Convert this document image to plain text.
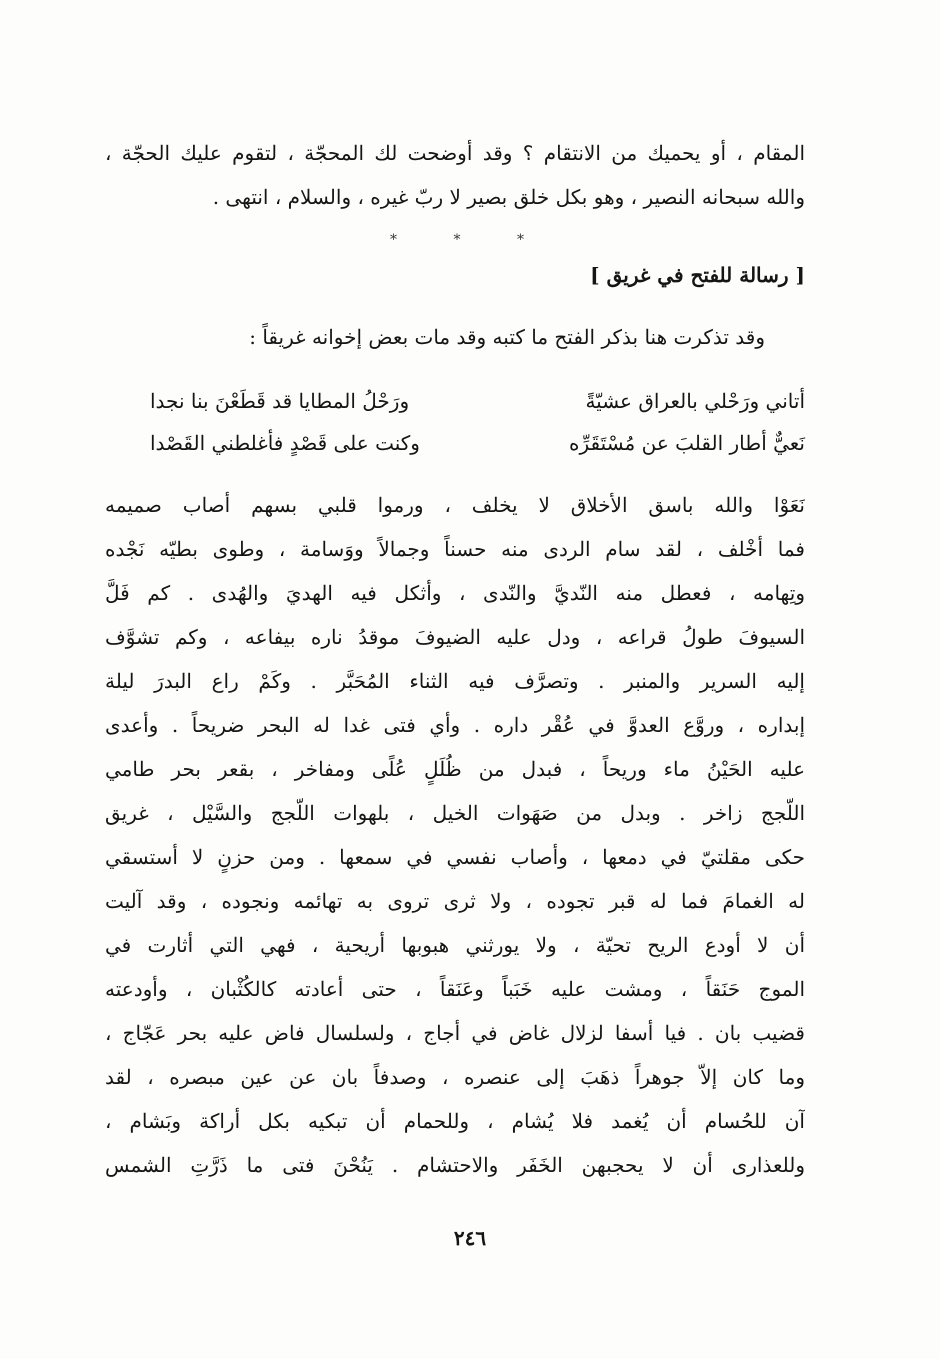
المقام ، أو يحميك من الانتقام ؟ وقد أوضحت لك المحجّة ، لتقوم عليك الحجّة ،
والله سبحانه النصير ، وهو بكل خلق بصير لا ربّ غيره ، والسلام ، انتهى .
* * *
[ رسالة للفتح في غريق ]
وقد تذكرت هنا بذكر الفتح ما كتبه وقد مات بعض إخوانه غريقاً :
أتاني ورَحْلي بالعراق عشيّةً
ورَحْلُ المطايا قد قَطَعْنَ بنا نجدا
نَعيٌّ أطار القلبَ عن مُسْتَقَرِّه
وكنت على قَصْدٍ فأغلطني القَصْدا
نَعَوْا والله باسق الأخلاق لا يخلف ، ورموا قلبي بسهم أصاب صميمه
فما أخْلف ، لقد سام الردى منه حسناً وجمالاً ووَسامة ، وطوى بطيّه نَجْده
وتِهامه ، فعطل منه النّديَّ والنّدى ، وأثكل فيه الهديَ والهُدى . كم فَلَّ
السيوفَ طولُ قراعه ، ودل عليه الضيوفَ موقدُ ناره بيفاعه ، وكم تشوَّف
إليه السرير والمنبر . وتصرَّف فيه الثناء المُحَبَّر . وكَمْ راع البدرَ ليلة
إبداره ، وروَّع العدوَّ في عُقْر داره . وأي فتى غدا له البحر ضريحاً . وأعدى
عليه الحَيْنُ ماء وريحاً ، فبدل من ظُلَلٍ عُلًى ومفاخر ، بقعر بحر طامي
اللُّجج زاخر . وبدل من صَهَوات الخيل ، بلهوات اللّجج والسَّيْل ، غريق
حكى مقلتيّ في دمعها ، وأصاب نفسي في سمعها . ومن حزنٍ لا أستسقي
له الغمامَ فما له قبر تجوده ، ولا ثرى تروى به تهائمه ونجوده ، وقد آليت
أن لا أودع الريح تحيّة ، ولا يورثني هبوبها أريحية ، فهي التي أثارت في
الموج حَنَقاً ، ومشت عليه خَبَباً وعَنَقاً ، حتى أعادته كالكُثْبان ، وأودعته
قضيب بان . فيا أسفا لزلال غاض في أجاج ، ولسلسال فاض عليه بحر عَجّاج ،
وما كان إلاّ جوهراً ذهَبَ إلى عنصره ، وصدفاً بان عن عين مبصره ، لقد
آن للحُسام أن يُغمد فلا يُشام ، وللحمام أن تبكيه بكل أراكة وبَشام ،
وللعذارى أن لا يحجبهن الخَفَر والاحتشام . يَنُحْنَ فتى ما ذَرَّتِ الشمس
٢٤٦
